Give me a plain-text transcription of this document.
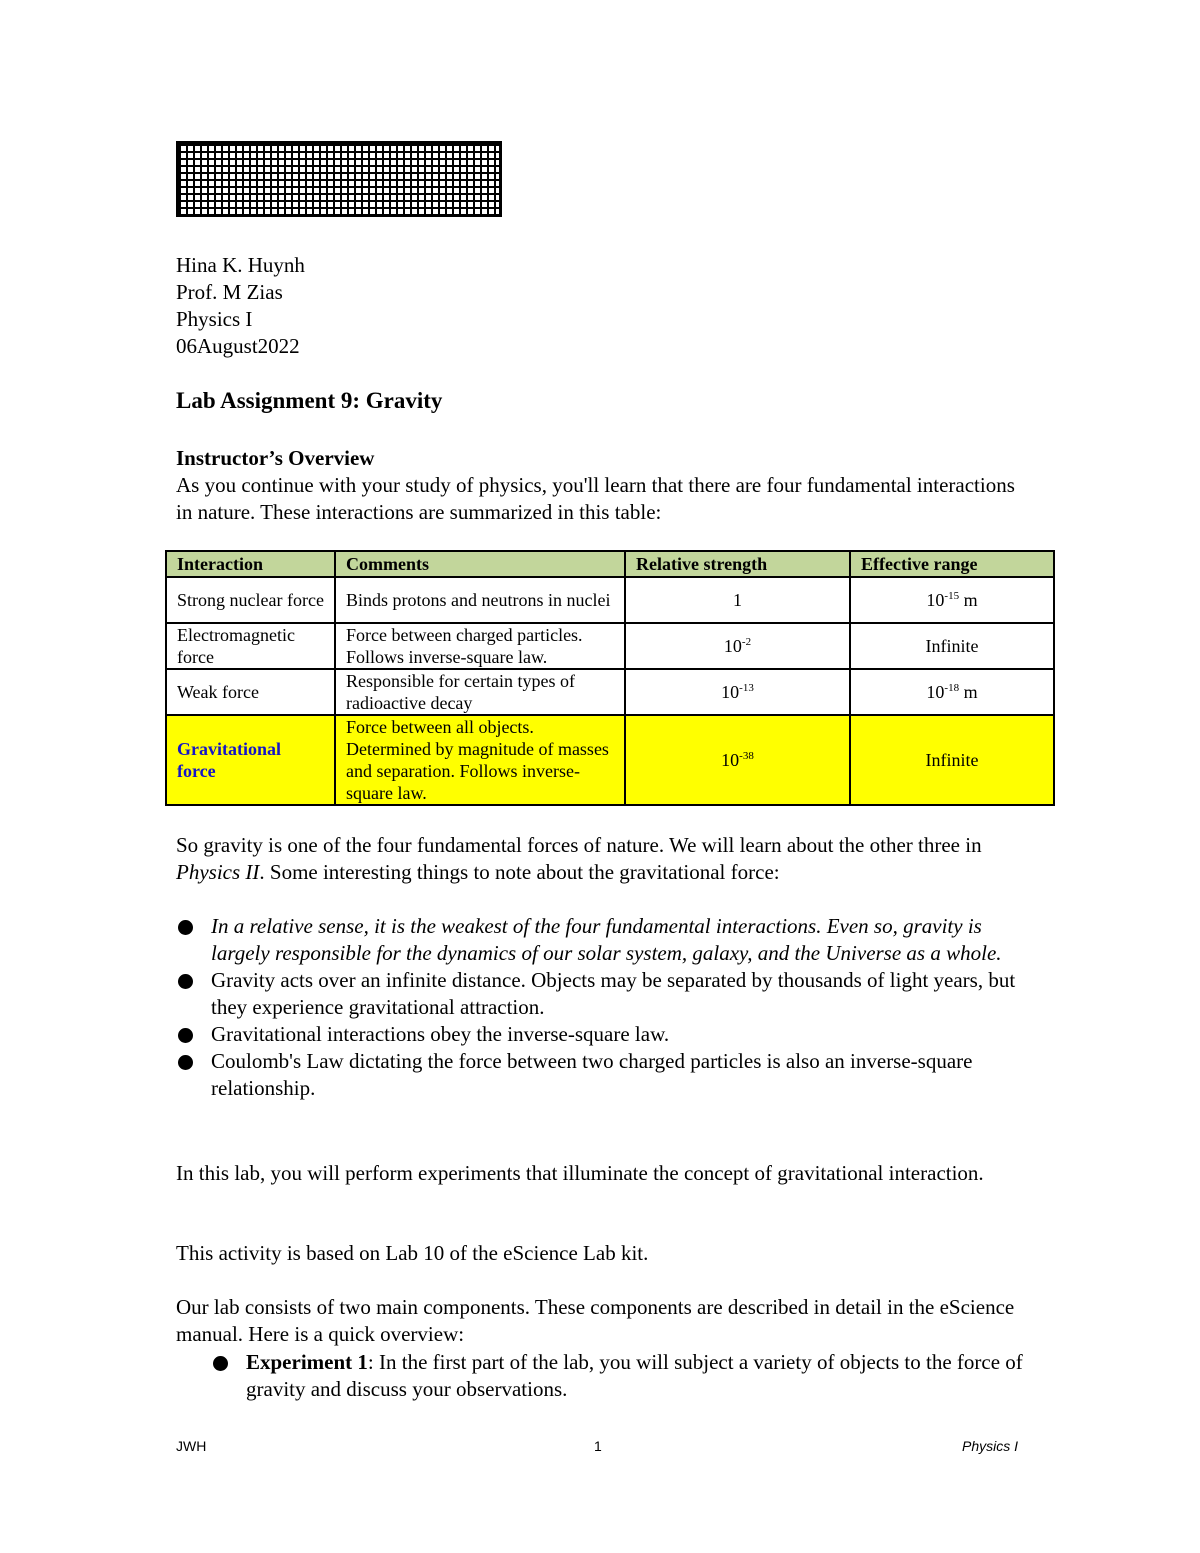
Hina K. Huynh
Prof. M Zias
Physics I
06August2022
Lab Assignment 9: Gravity
Instructor’s Overview

As you continue with your study of physics, you'll learn that there are four fundamental interactions in nature. These interactions are summarized in this table:

Interaction	Comments	Relative strength	Effective range
Strong nuclear force	Binds protons and neutrons in nuclei	1	$10^{-15}$ m
Electromagnetic force	Force between charged particles. Follows inverse-square law.	$10^{-2}$	Infinite
Weak force	Responsible for certain types of radioactive decay	$10^{-13}$	$10^{-18}$ m
Gravitational force	Force between all objects. Determined by magnitude of masses and separation. Follows inverse-square law.	$10^{-38}$	Infinite

So gravity is one of the four fundamental forces of nature. We will learn about the other three in Physics II. Some interesting things to note about the gravitational force:

In a relative sense, it is the weakest of the four fundamental interactions. Even so, gravity is largely responsible for the dynamics of our solar system, galaxy, and the Universe as a whole.
Gravity acts over an infinite distance. Objects may be separated by thousands of light years, but they experience gravitational attraction.
Gravitational interactions obey the inverse-square law.
Coulomb's Law dictating the force between two charged particles is also an inverse-square relationship.

In this lab, you will perform experiments that illuminate the concept of gravitational interaction.

This activity is based on Lab 10 of the eScience Lab kit.

Our lab consists of two main components. These components are described in detail in the eScience manual. Here is a quick overview:

Experiment 1: In the first part of the lab, you will subject a variety of objects to the force of gravity and discuss your observations.
JWH	1	Physics I
